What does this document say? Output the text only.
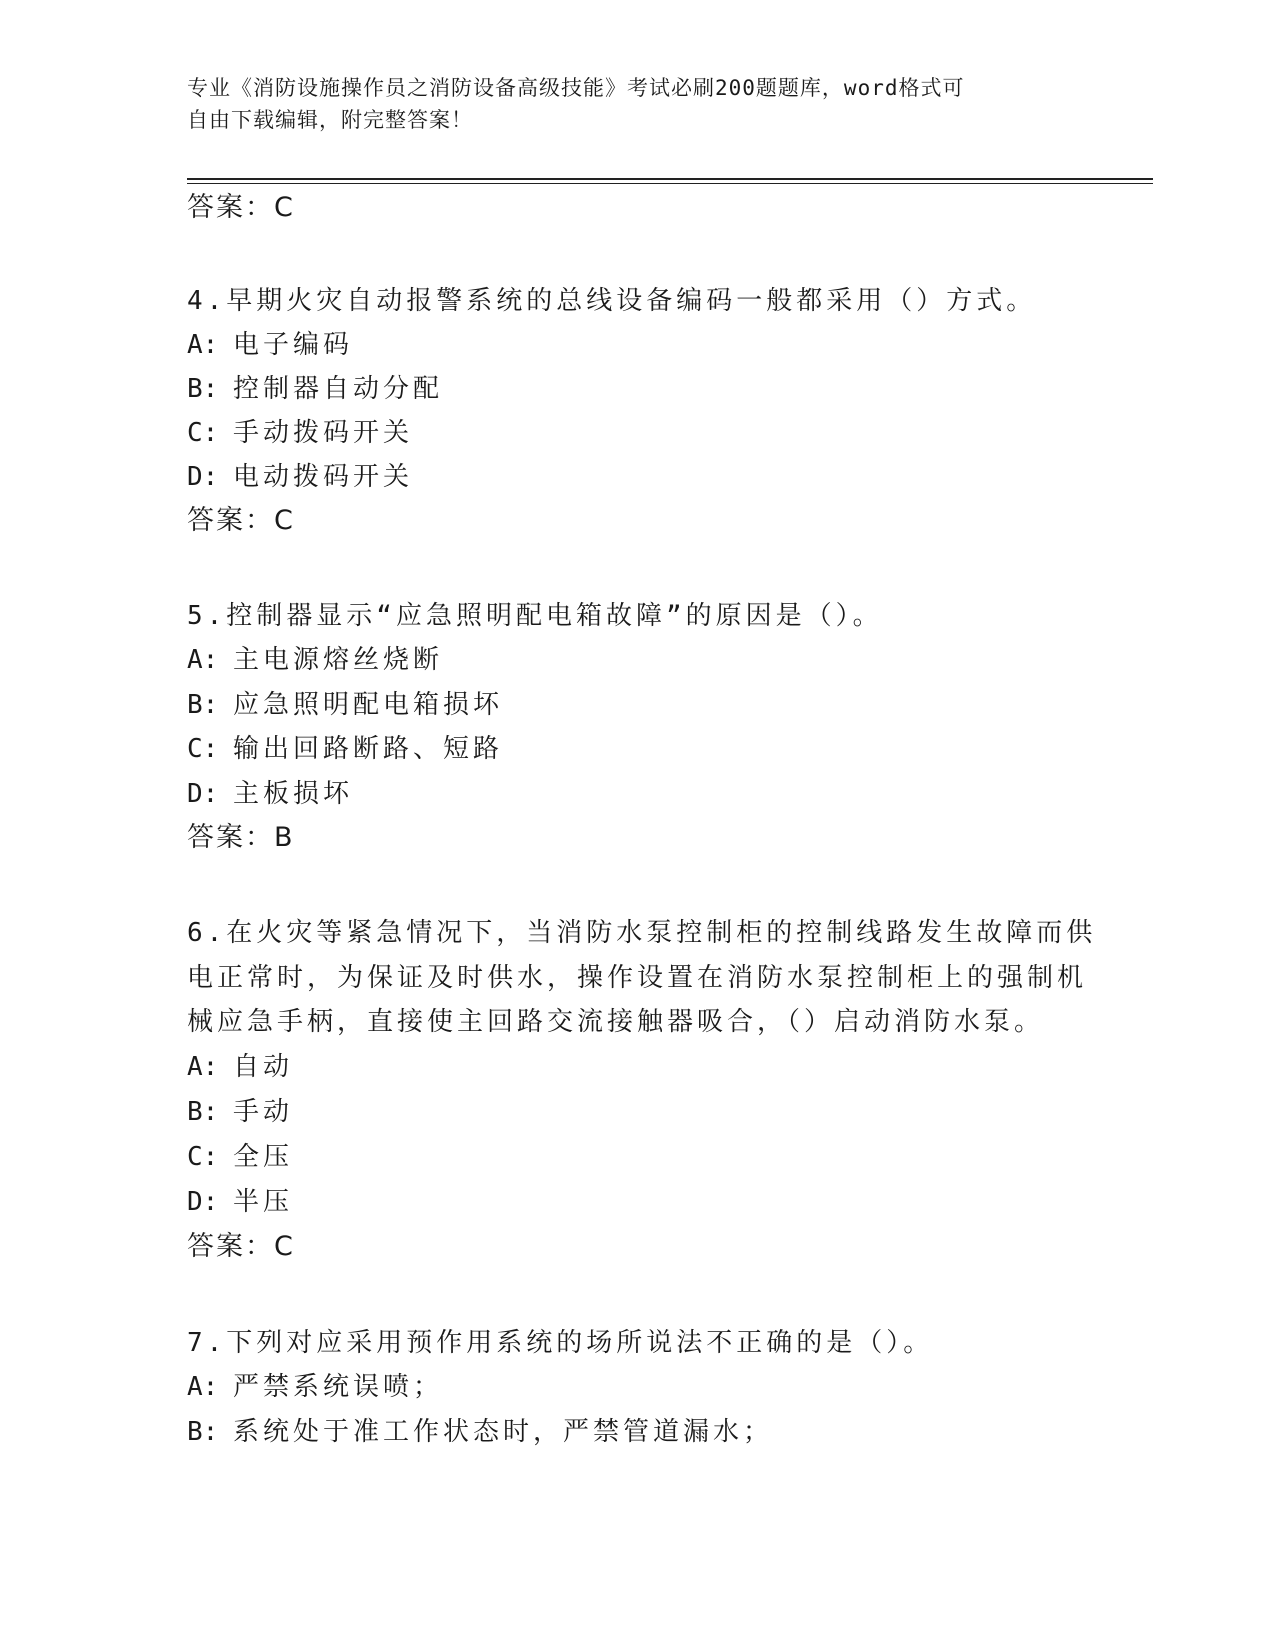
专业《消防设施操作员之消防设备高级技能》考试必刷200题题库，word格式可
自由下载编辑，附完整答案！
答案：C
4.早期火灾自动报警系统的总线设备编码一般都采用（）方式。
A: 电子编码
B: 控制器自动分配
C: 手动拨码开关
D: 电动拨码开关
答案：C
5.控制器显示“应急照明配电箱故障”的原因是（）。
A: 主电源熔丝烧断
B: 应急照明配电箱损坏
C: 输出回路断路、短路
D: 主板损坏
答案：B
6.在火灾等紧急情况下，当消防水泵控制柜的控制线路发生故障而供
电正常时，为保证及时供水，操作设置在消防水泵控制柜上的强制机
械应急手柄，直接使主回路交流接触器吸合，（）启动消防水泵。
A: 自动
B: 手动
C: 全压
D: 半压
答案：C
7.下列对应采用预作用系统的场所说法不正确的是（）。
A: 严禁系统误喷；
B: 系统处于准工作状态时，严禁管道漏水；
